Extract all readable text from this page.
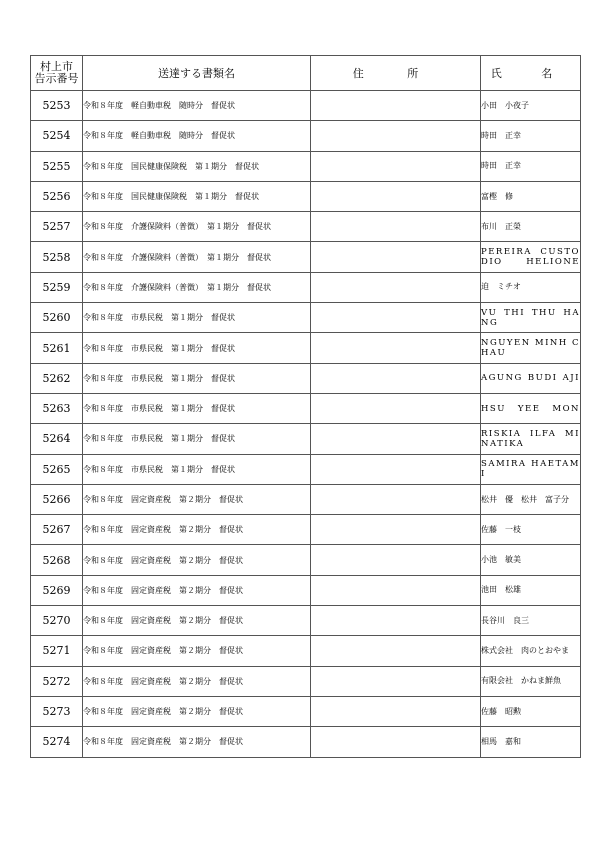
村上市
告示番号	送達する書類名	住 所	氏 名
5253	令和８年度　軽自動車税　随時分　督促状		小田　小夜子
5254	令和８年度　軽自動車税　随時分　督促状		時田　正幸
5255	令和８年度　国民健康保険税　第１期分　督促状		時田　正幸
5256	令和８年度　国民健康保険税　第１期分　督促状		富樫　修
5257	令和８年度　介護保険料（普徴）　第１期分　督促状		布川　正榮
5258	令和８年度　介護保険料（普徴）　第１期分　督促状		PEREIRA CUSTODIO HELIONE
5259	令和８年度　介護保険料（普徴）　第１期分　督促状		迫　ミチオ
5260	令和８年度　市県民税　第１期分　督促状		VU THI THU HANG
5261	令和８年度　市県民税　第１期分　督促状		NGUYEN MINH CHAU
5262	令和８年度　市県民税　第１期分　督促状		AGUNG BUDI AJI
5263	令和８年度　市県民税　第１期分　督促状		HSU YEE MON
5264	令和８年度　市県民税　第１期分　督促状		RISKIA ILFA MINATIKA
5265	令和８年度　市県民税　第１期分　督促状		SAMIRA HAETAMI
5266	令和８年度　固定資産税　第２期分　督促状		松井　優　松井　富子分
5267	令和８年度　固定資産税　第２期分　督促状		佐藤　一枝
5268	令和８年度　固定資産税　第２期分　督促状		小池　敏美
5269	令和８年度　固定資産税　第２期分　督促状		池田　松雄
5270	令和８年度　固定資産税　第２期分　督促状		長谷川　良三
5271	令和８年度　固定資産税　第２期分　督促状		株式会社　肉のとおやま
5272	令和８年度　固定資産税　第２期分　督促状		有限会社　かねま鮮魚
5273	令和８年度　固定資産税　第２期分　督促状		佐藤　昭勲
5274	令和８年度　固定資産税　第２期分　督促状		相馬　嘉和
